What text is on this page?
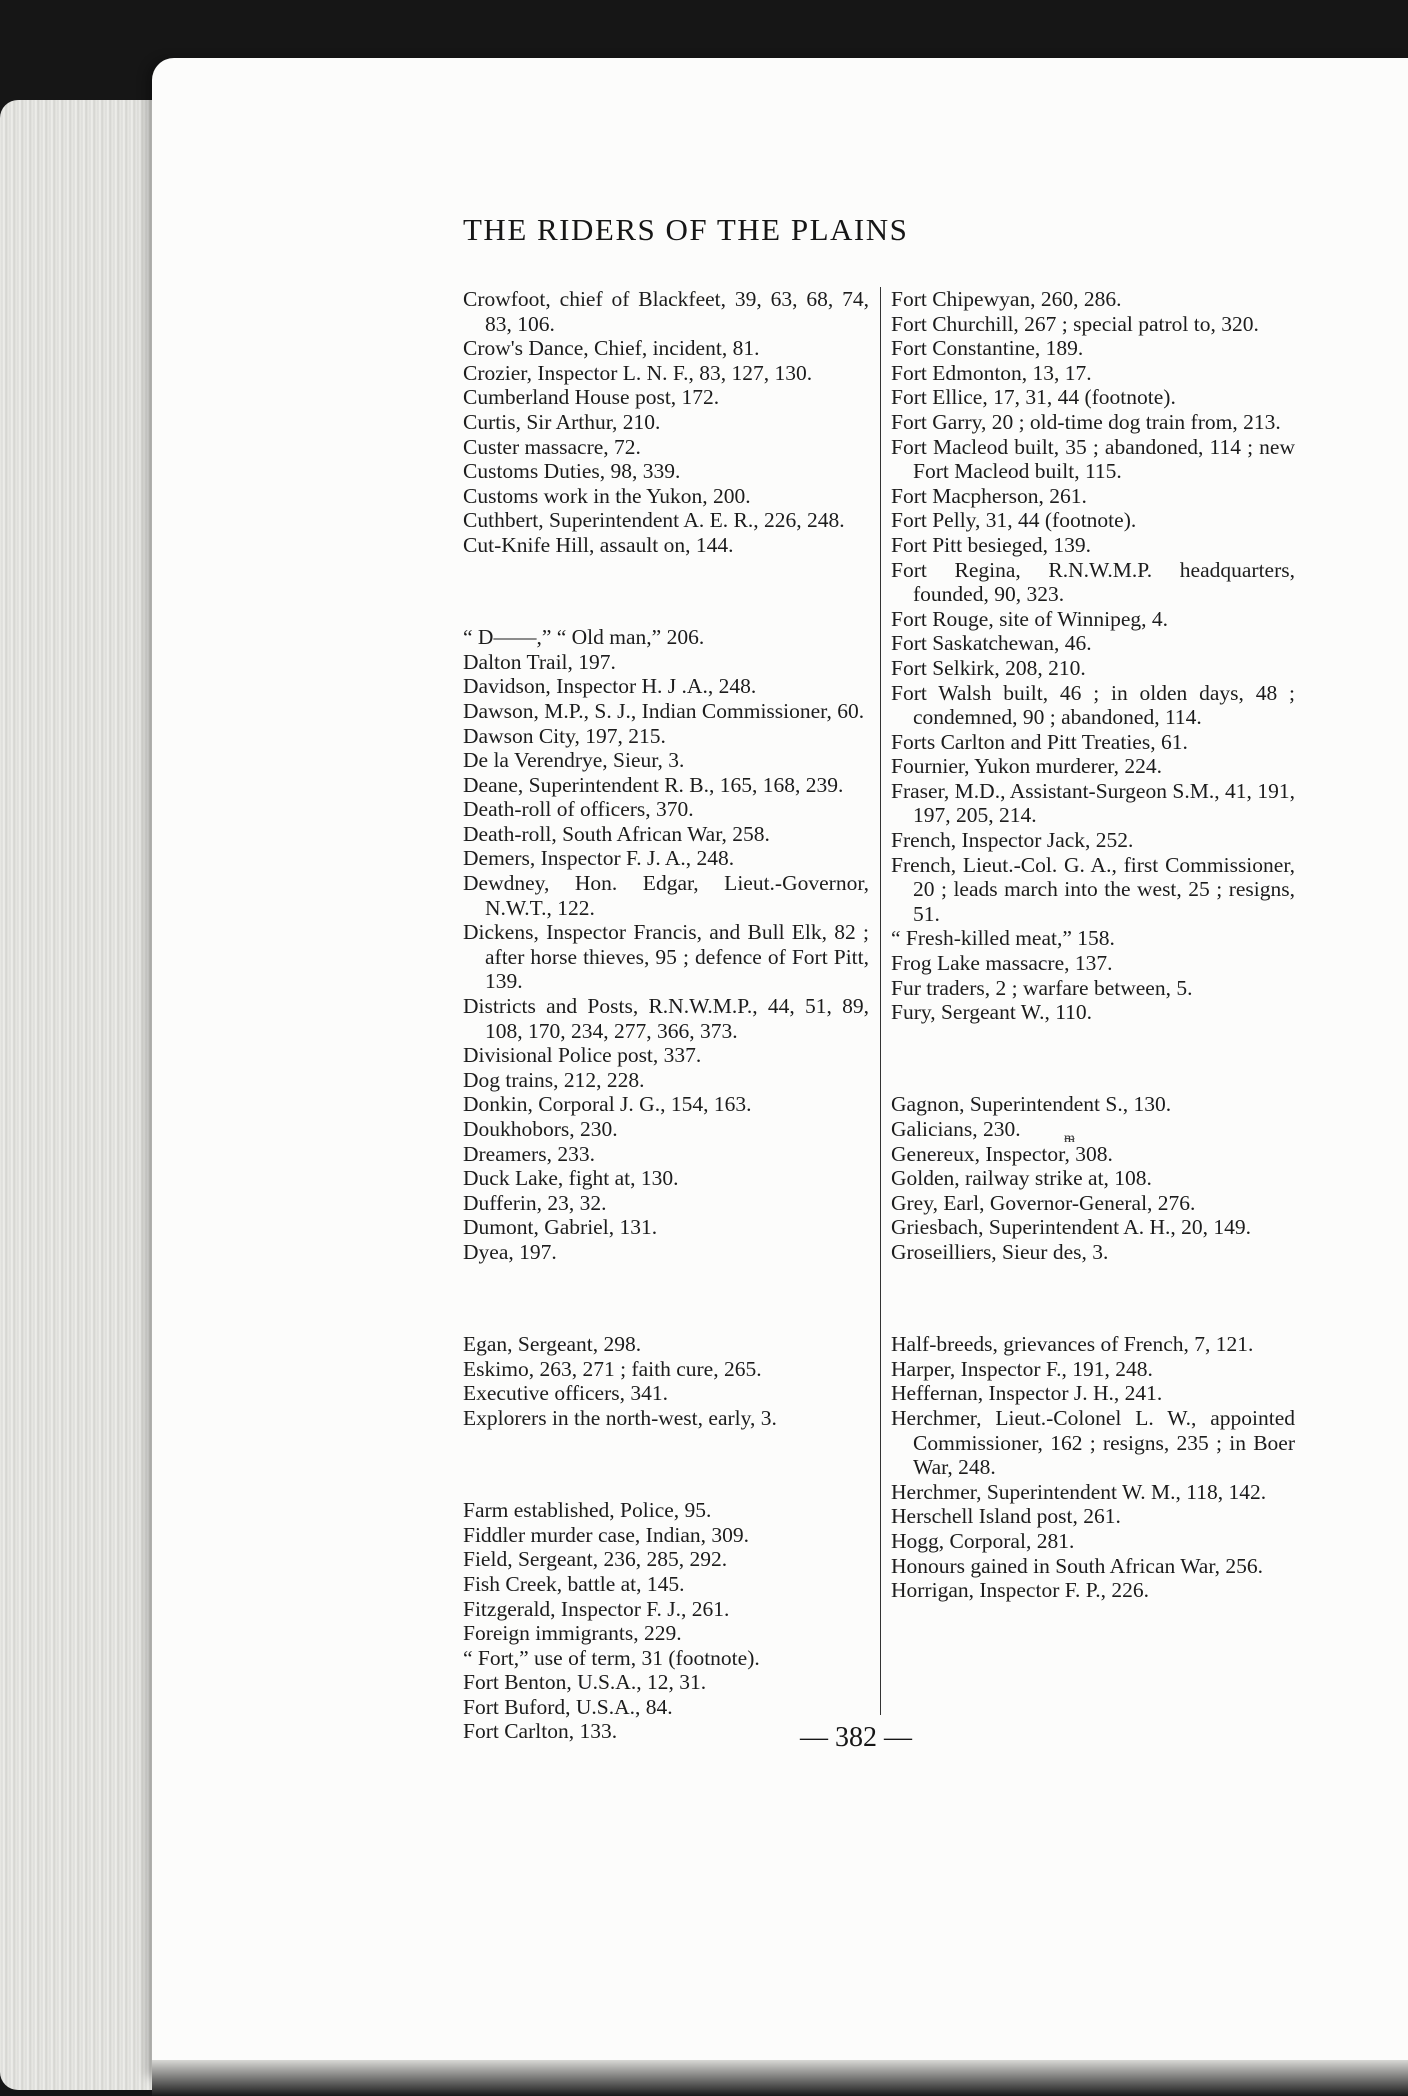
THE RIDERS OF THE PLAINS

Crowfoot, chief of Blackfeet, 39, 63, 68, 74, 83, 106.

Crow's Dance, Chief, incident, 81.

Crozier, Inspector L. N. F., 83, 127, 130.

Cumberland House post, 172.

Curtis, Sir Arthur, 210.

Custer massacre, 72.

Customs Duties, 98, 339.

Customs work in the Yukon, 200.

Cuthbert, Superintendent A. E. R., 226, 248.

Cut-Knife Hill, assault on, 144.

“ D——,” “ Old man,” 206.

Dalton Trail, 197.

Davidson, Inspector H. J .A., 248.

Dawson, M.P., S. J., Indian Commissioner, 60.

Dawson City, 197, 215.

De la Verendrye, Sieur, 3.

Deane, Superintendent R. B., 165, 168, 239.

Death-roll of officers, 370.

Death-roll, South African War, 258.

Demers, Inspector F. J. A., 248.

Dewdney, Hon. Edgar, Lieut.-Governor, N.W.T., 122.

Dickens, Inspector Francis, and Bull Elk, 82 ; after horse thieves, 95 ; defence of Fort Pitt, 139.

Districts and Posts, R.N.W.M.P., 44, 51, 89, 108, 170, 234, 277, 366, 373.

Divisional Police post, 337.

Dog trains, 212, 228.

Donkin, Corporal J. G., 154, 163.

Doukhobors, 230.

Dreamers, 233.

Duck Lake, fight at, 130.

Dufferin, 23, 32.

Dumont, Gabriel, 131.

Dyea, 197.

Egan, Sergeant, 298.

Eskimo, 263, 271 ; faith cure, 265.

Executive officers, 341.

Explorers in the north-west, early, 3.

Farm established, Police, 95.

Fiddler murder case, Indian, 309.

Field, Sergeant, 236, 285, 292.

Fish Creek, battle at, 145.

Fitzgerald, Inspector F. J., 261.

Foreign immigrants, 229.

“ Fort,” use of term, 31 (footnote).

Fort Benton, U.S.A., 12, 31.

Fort Buford, U.S.A., 84.

Fort Carlton, 133.

Fort Chipewyan, 260, 286.

Fort Churchill, 267 ; special patrol to, 320.

Fort Constantine, 189.

Fort Edmonton, 13, 17.

Fort Ellice, 17, 31, 44 (footnote).

Fort Garry, 20 ; old-time dog train from, 213.

Fort Macleod built, 35 ; abandoned, 114 ; new Fort Macleod built, 115.

Fort Macpherson, 261.

Fort Pelly, 31, 44 (footnote).

Fort Pitt besieged, 139.

Fort Regina, R.N.W.M.P. headquarters, founded, 90, 323.

Fort Rouge, site of Winnipeg, 4.

Fort Saskatchewan, 46.

Fort Selkirk, 208, 210.

Fort Walsh built, 46 ; in olden days, 48 ; condemned, 90 ; abandoned, 114.

Forts Carlton and Pitt Treaties, 61.

Fournier, Yukon murderer, 224.

Fraser, M.D., Assistant-Surgeon S.M., 41, 191, 197, 205, 214.

French, Inspector Jack, 252.

French, Lieut.-Col. G. A., first Commissioner, 20 ; leads march into the west, 25 ; resigns, 51.

“ Fresh-killed meat,” 158.

Frog Lake massacre, 137.

Fur traders, 2 ; warfare between, 5.

Fury, Sergeant W., 110.

Gagnon, Superintendent S., 130.

Galicians, 230.

Genereux, Inspector, 308.

Golden, railway strike at, 108.

Grey, Earl, Governor-General, 276.

Griesbach, Superintendent A. H., 20, 149.

Groseilliers, Sieur des, 3.

Half-breeds, grievances of French, 7, 121.

Harper, Inspector F., 191, 248.

Heffernan, Inspector J. H., 241.

Herchmer, Lieut.-Colonel L. W., appointed Commissioner, 162 ; resigns, 235 ; in Boer War, 248.

Herchmer, Superintendent W. M., 118, 142.

Herschell Island post, 261.

Hogg, Corporal, 281.

Honours gained in South African War, 256.

Horrigan, Inspector F. P., 226.

ᵯ
— 382 —
